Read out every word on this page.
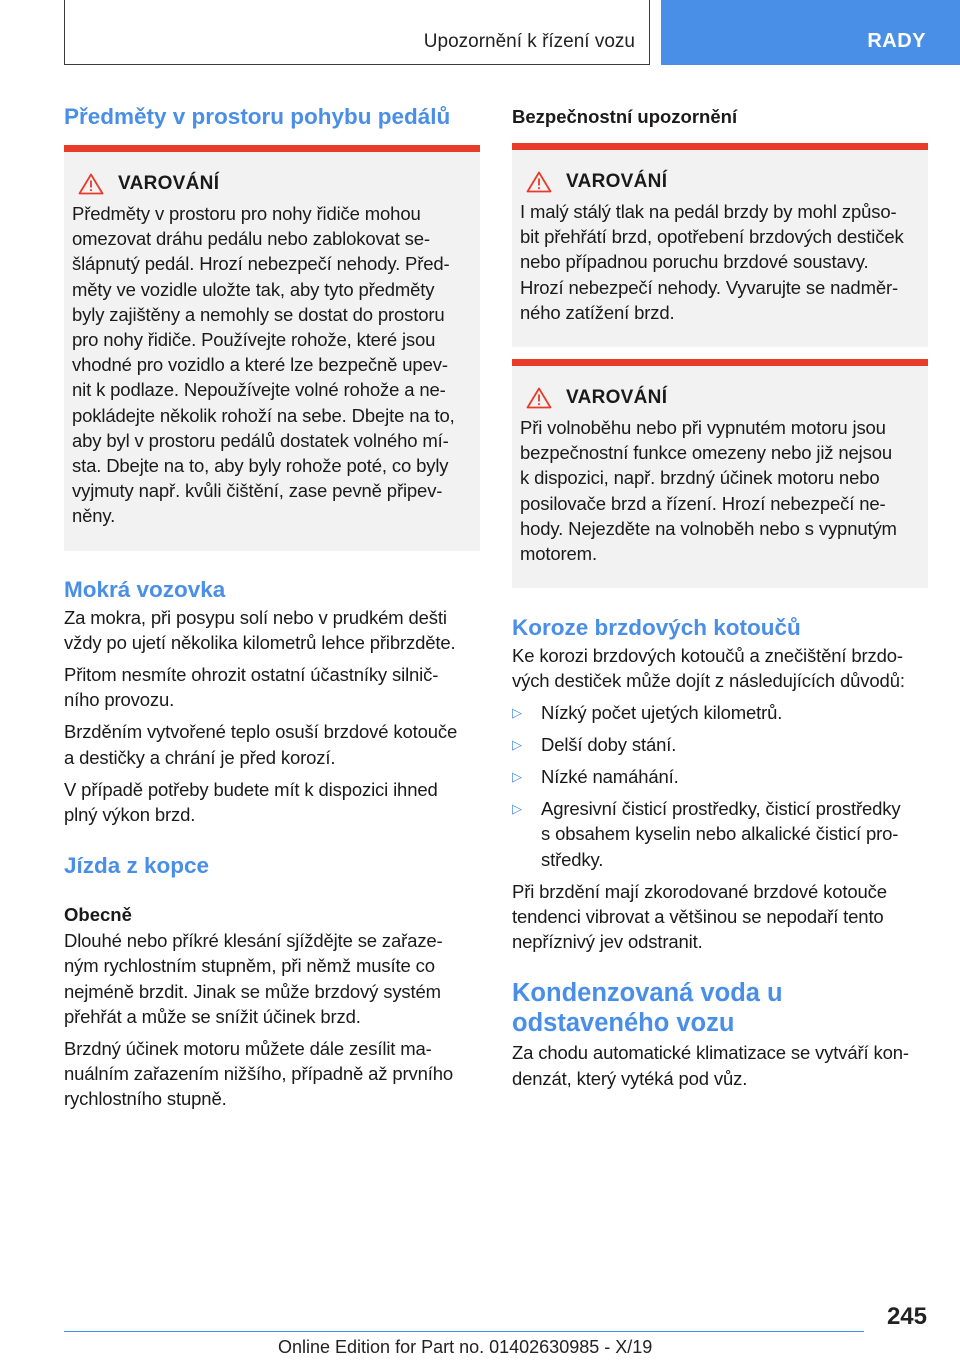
Upozornění k řízení vozu	RADY
Předměty v prostoru pohybu pedálů
VAROVÁNÍ

Předměty v prostoru pro nohy řidiče mohou
omezovat dráhu pedálu nebo zablokovat se-
šlápnutý pedál. Hrozí nebezpečí nehody. Před-
měty ve vozidle uložte tak, aby tyto předměty
byly zajištěny a nemohly se dostat do prostoru
pro nohy řidiče. Používejte rohože, které jsou
vhodné pro vozidlo a které lze bezpečně upev-
nit k podlaze. Nepoužívejte volné rohože a ne-
pokládejte několik rohoží na sebe. Dbejte na to,
aby byl v prostoru pedálů dostatek volného mí-
sta. Dbejte na to, aby byly rohože poté, co byly
vyjmuty např. kvůli čištění, zase pevně připev-
něny.

Mokrá vozovka

Za mokra, při posypu solí nebo v prudkém dešti
vždy po ujetí několika kilometrů lehce přibrzděte.

Přitom nesmíte ohrozit ostatní účastníky silnič-
ního provozu.

Brzděním vytvořené teplo osuší brzdové kotouče
a destičky a chrání je před korozí.

V případě potřeby budete mít k dispozici ihned
plný výkon brzd.

Jízda z kopce
Obecně

Dlouhé nebo příkré klesání sjíždějte se zařaze-
ným rychlostním stupněm, při němž musíte co
nejméně brzdit. Jinak se může brzdový systém
přehřát a může se snížit účinek brzd.

Brzdný účinek motoru můžete dále zesílit ma-
nuálním zařazením nižšího, případně až prvního
rychlostního stupně.

Bezpečnostní upozornění
VAROVÁNÍ

I malý stálý tlak na pedál brzdy by mohl způso-
bit přehřátí brzd, opotřebení brzdových destiček
nebo případnou poruchu brzdové soustavy.
Hrozí nebezpečí nehody. Vyvarujte se nadměr-
ného zatížení brzd.

VAROVÁNÍ

Při volnoběhu nebo při vypnutém motoru jsou
bezpečnostní funkce omezeny nebo již nejsou
k dispozici, např. brzdný účinek motoru nebo
posilovače brzd a řízení. Hrozí nebezpečí ne-
hody. Nejezděte na volnoběh nebo s vypnutým
motorem.

Koroze brzdových kotoučů

Ke korozi brzdových kotoučů a znečištění brzdo-
vých destiček může dojít z následujících důvodů:

▷ Nízký počet ujetých kilometrů.
▷ Delší doby stání.
▷ Nízké namáhání.
▷ Agresivní čisticí prostředky, čisticí prostředky
s obsahem kyselin nebo alkalické čisticí pro-
středky.

Při brzdění mají zkorodované brzdové kotouče
tendenci vibrovat a většinou se nepodaří tento
nepříznivý jev odstranit.

Kondenzovaná voda u
odstaveného vozu

Za chodu automatické klimatizace se vytváří kon-
denzát, který vytéká pod vůz.

245
Online Edition for Part no. 01402630985 - X/19
